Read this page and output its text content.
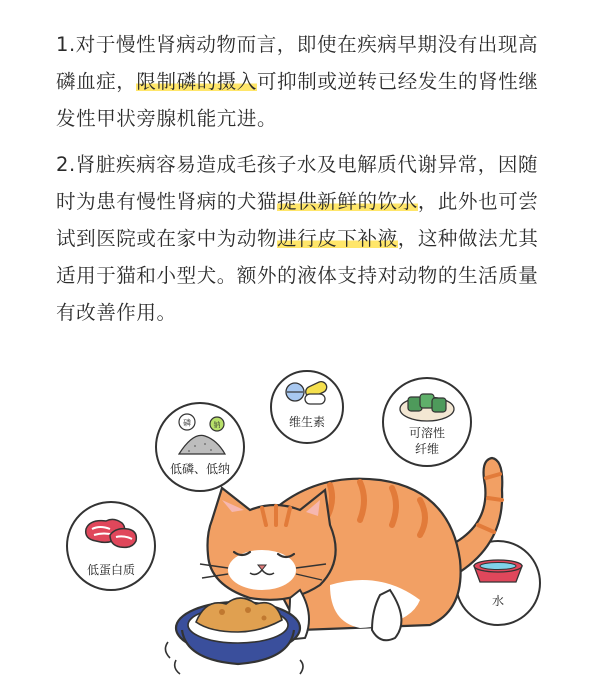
1.对于慢性肾病动物而言，即使在疾病早期没有出现高磷血症，限制磷的摄入可抑制或逆转已经发生的肾性继发性甲状旁腺机能亢进。
2.肾脏疾病容易造成毛孩子水及电解质代谢异常，因随时为患有慢性肾病的犬猫提供新鲜的饮水，此外也可尝试到医院或在家中为动物进行皮下补液，这种做法尤其适用于猫和小型犬。额外的液体支持对动物的生活质量有改善作用。
低蛋白质
磷	钠
低磷、低纳
维生素
可溶性
纤维
水
